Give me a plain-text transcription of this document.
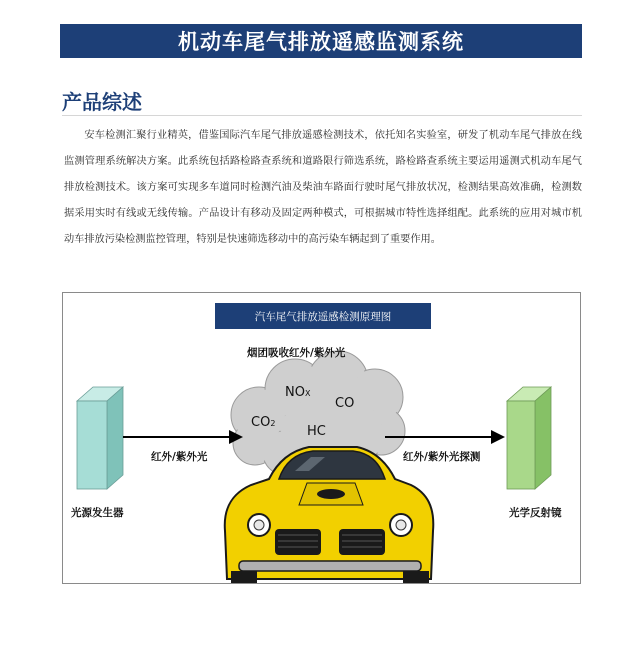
机动车尾气排放遥感监测系统
产品综述

安车检测汇聚行业精英，借鉴国际汽车尾气排放遥感检测技术，依托知名实验室，研发了机动车尾气排放在线监测管理系统解决方案。此系统包括路检路查系统和道路限行筛选系统，路检路查系统主要运用遥测式机动车尾气排放检测技术。该方案可实现多车道同时检测汽油及柴油车路面行驶时尾气排放状况，检测结果高效准确，检测数据采用实时有线或无线传输。产品设计有移动及固定两种模式，可根据城市特性选择组配。此系统的应用对城市机动车排放污染检测监控管理，特别是快速筛选移动中的高污染车辆起到了重要作用。

汽车尾气排放遥感检测原理图
烟团吸收红外/紫外光
NOX
CO
CO2
HC
红外/紫外光	红外/紫外光探测
光源发生器	光学反射镜
